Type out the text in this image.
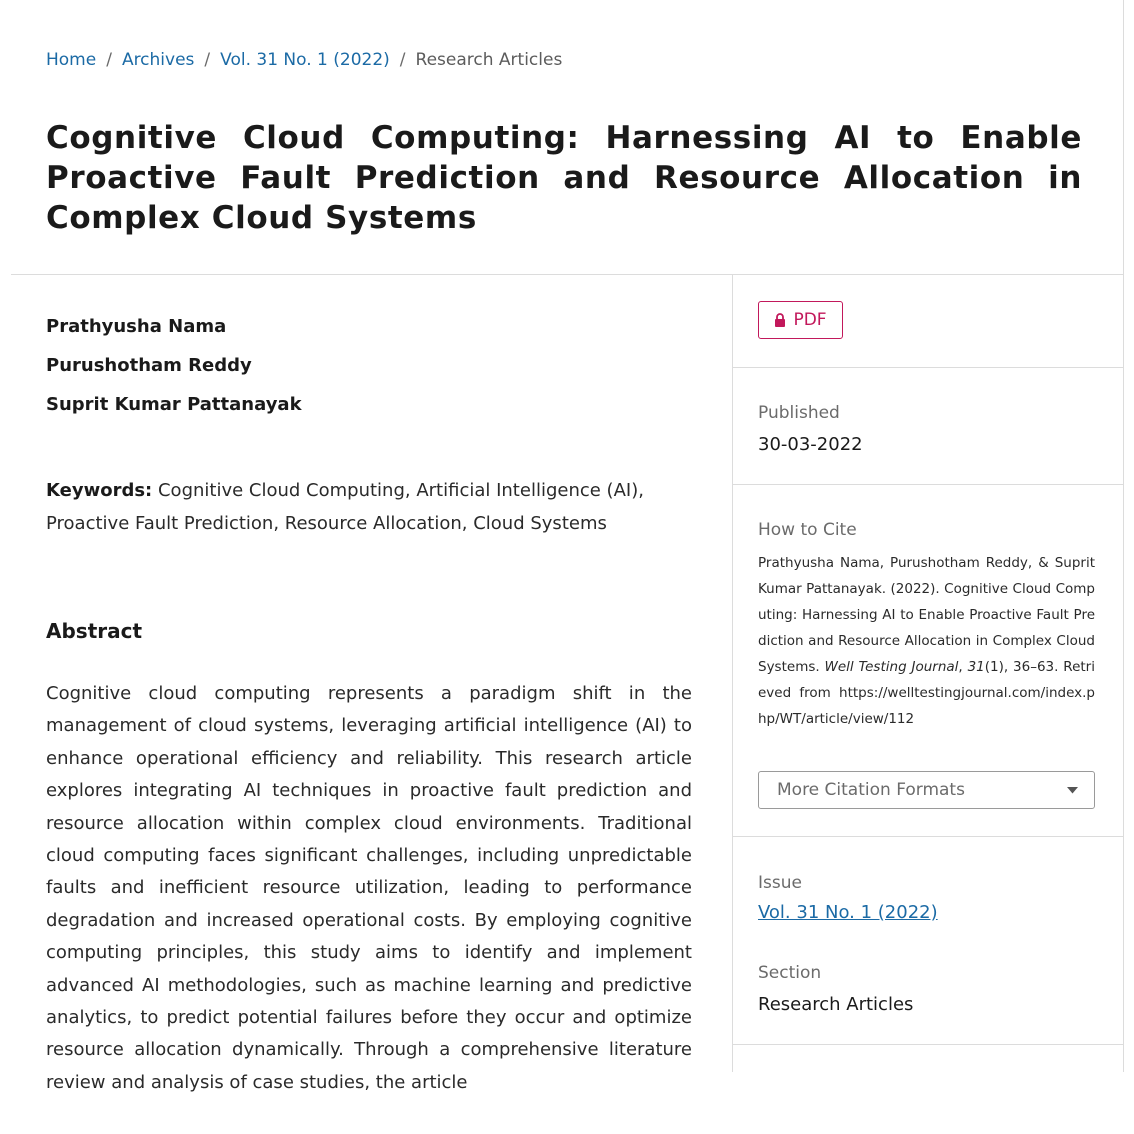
Home / Archives / Vol. 31 No. 1 (2022) / Research Articles
Cognitive Cloud Computing: Harnessing AI to Enable Proactive Fault Prediction and Resource Allocation in Complex Cloud Systems
Prathyusha Nama
Purushotham Reddy
Suprit Kumar Pattanayak
Keywords: Cognitive Cloud Computing, Artificial Intelligence (AI), Proactive Fault Prediction, Resource Allocation, Cloud Systems
Abstract

Cognitive cloud computing represents a paradigm shift in the management of cloud systems, leveraging artificial intelligence (AI) to enhance operational efficiency and reliability. This research article explores integrating AI techniques in proactive fault prediction and resource allocation within complex cloud environments. Traditional cloud computing faces significant challenges, including unpredictable faults and inefficient resource utilization, leading to performance degradation and increased operational costs. By employing cognitive computing principles, this study aims to identify and implement advanced AI methodologies, such as machine learning and predictive analytics, to predict potential failures before they occur and optimize resource allocation dynamically. Through a comprehensive literature review and analysis of case studies, the article

PDF
Published
30-03-2022
How to Cite
Prathyusha Nama, Purushotham Reddy, & Suprit Kumar Pattanayak. (2022). Cognitive Cloud Computing: Harnessing AI to Enable Proactive Fault Prediction and Resource Allocation in Complex Cloud Systems. Well Testing Journal, 31(1), 36–63. Retrieved from https://welltestingjournal.com/index.php/WT/article/view/112
More Citation Formats
Issue
Vol. 31 No. 1 (2022)
Section
Research Articles
